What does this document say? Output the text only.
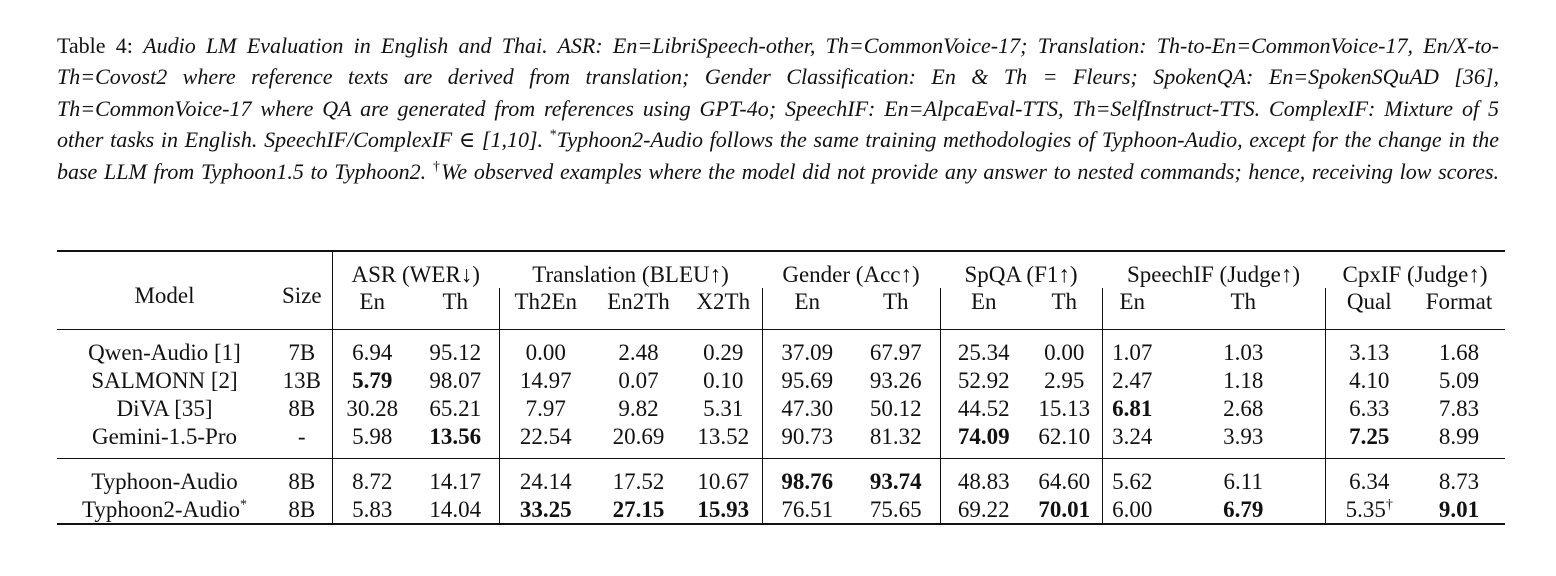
Table 4: Audio LM Evaluation in English and Thai. ASR: En=LibriSpeech-other, Th=CommonVoice-17; Translation: Th-to-En=CommonVoice-17, En/X-to-Th=Covost2 where reference texts are derived from translation; Gender Classification: En & Th = Fleurs; SpokenQA: En=SpokenSQuAD [36], Th=CommonVoice-17 where QA are generated from references using GPT-4o; SpeechIF: En=AlpcaEval-TTS, Th=SelfInstruct-TTS. ComplexIF: Mixture of 5 other tasks in English. SpeechIF/ComplexIF ∈ [1,10]. *Typhoon2-Audio follows the same training methodologies of Typhoon-Audio, except for the change in the base LLM from Typhoon1.5 to Typhoon2. †We observed examples where the model did not provide any answer to nested commands; hence, receiving low scores.
Model	Size	ASR (WER↓)		Translation (BLEU↑)			Gender (Acc↑)		SpQA (F1↑)		SpeechIF (Judge↑)		CpxIF (Judge↑)	
		En	Th	Th2En	En2Th	X2Th	En	Th	En	Th	En	Th	Qual	Format

Qwen-Audio [1]	7B	6.94	95.12	0.00	2.48	0.29	37.09	67.97	25.34	0.00	1.07	1.03	3.13	1.68
SALMONN [2]	13B	5.79	98.07	14.97	0.07	0.10	95.69	93.26	52.92	2.95	2.47	1.18	4.10	5.09
DiVA [35]	8B	30.28	65.21	7.97	9.82	5.31	47.30	50.12	44.52	15.13	6.81	2.68	6.33	7.83
Gemini-1.5-Pro	-	5.98	13.56	22.54	20.69	13.52	90.73	81.32	74.09	62.10	3.24	3.93	7.25	8.99

Typhoon-Audio	8B	8.72	14.17	24.14	17.52	10.67	98.76	93.74	48.83	64.60	5.62	6.11	6.34	8.73
Typhoon2-Audio*	8B	5.83	14.04	33.25	27.15	15.93	76.51	75.65	69.22	70.01	6.00	6.79	5.35†	9.01
